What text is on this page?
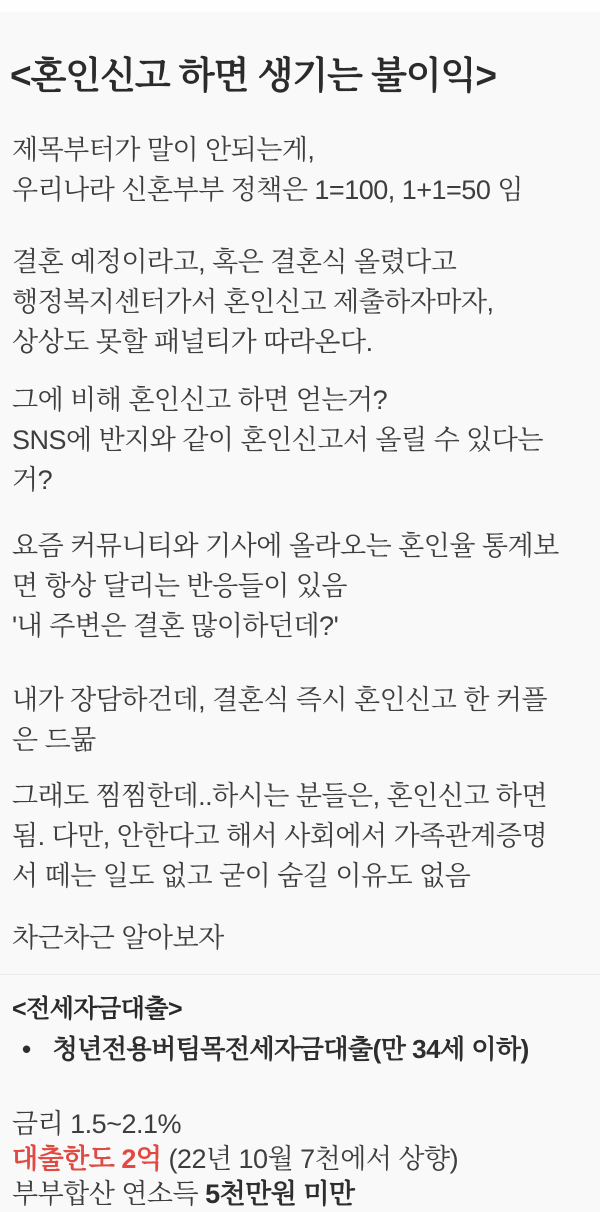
<혼인신고 하면 생기는 불이익>
제목부터가 말이 안되는게,
우리나라 신혼부부 정책은 1=100, 1+1=50 임
결혼 예정이라고, 혹은 결혼식 올렸다고
행정복지센터가서 혼인신고 제출하자마자,
상상도 못할 패널티가 따라온다.
그에 비해 혼인신고 하면 얻는거?
SNS에 반지와 같이 혼인신고서 올릴 수 있다는
거?
요즘 커뮤니티와 기사에 올라오는 혼인율 통계보
면 항상 달리는 반응들이 있음
'내 주변은 결혼 많이하던데?'
내가 장담하건데, 결혼식 즉시 혼인신고 한 커플
은 드묾
그래도 찜찜한데..하시는 분들은, 혼인신고 하면
됨. 다만, 안한다고 해서 사회에서 가족관계증명
서 떼는 일도 없고 굳이 숨길 이유도 없음
차근차근 알아보자
<전세자금대출>
• 청년전용버팀목전세자금대출(만 34세 이하)
금리 1.5~2.1%
대출한도 2억 (22년 10월 7천에서 상향)
부부합산 연소득 5천만원 미만
